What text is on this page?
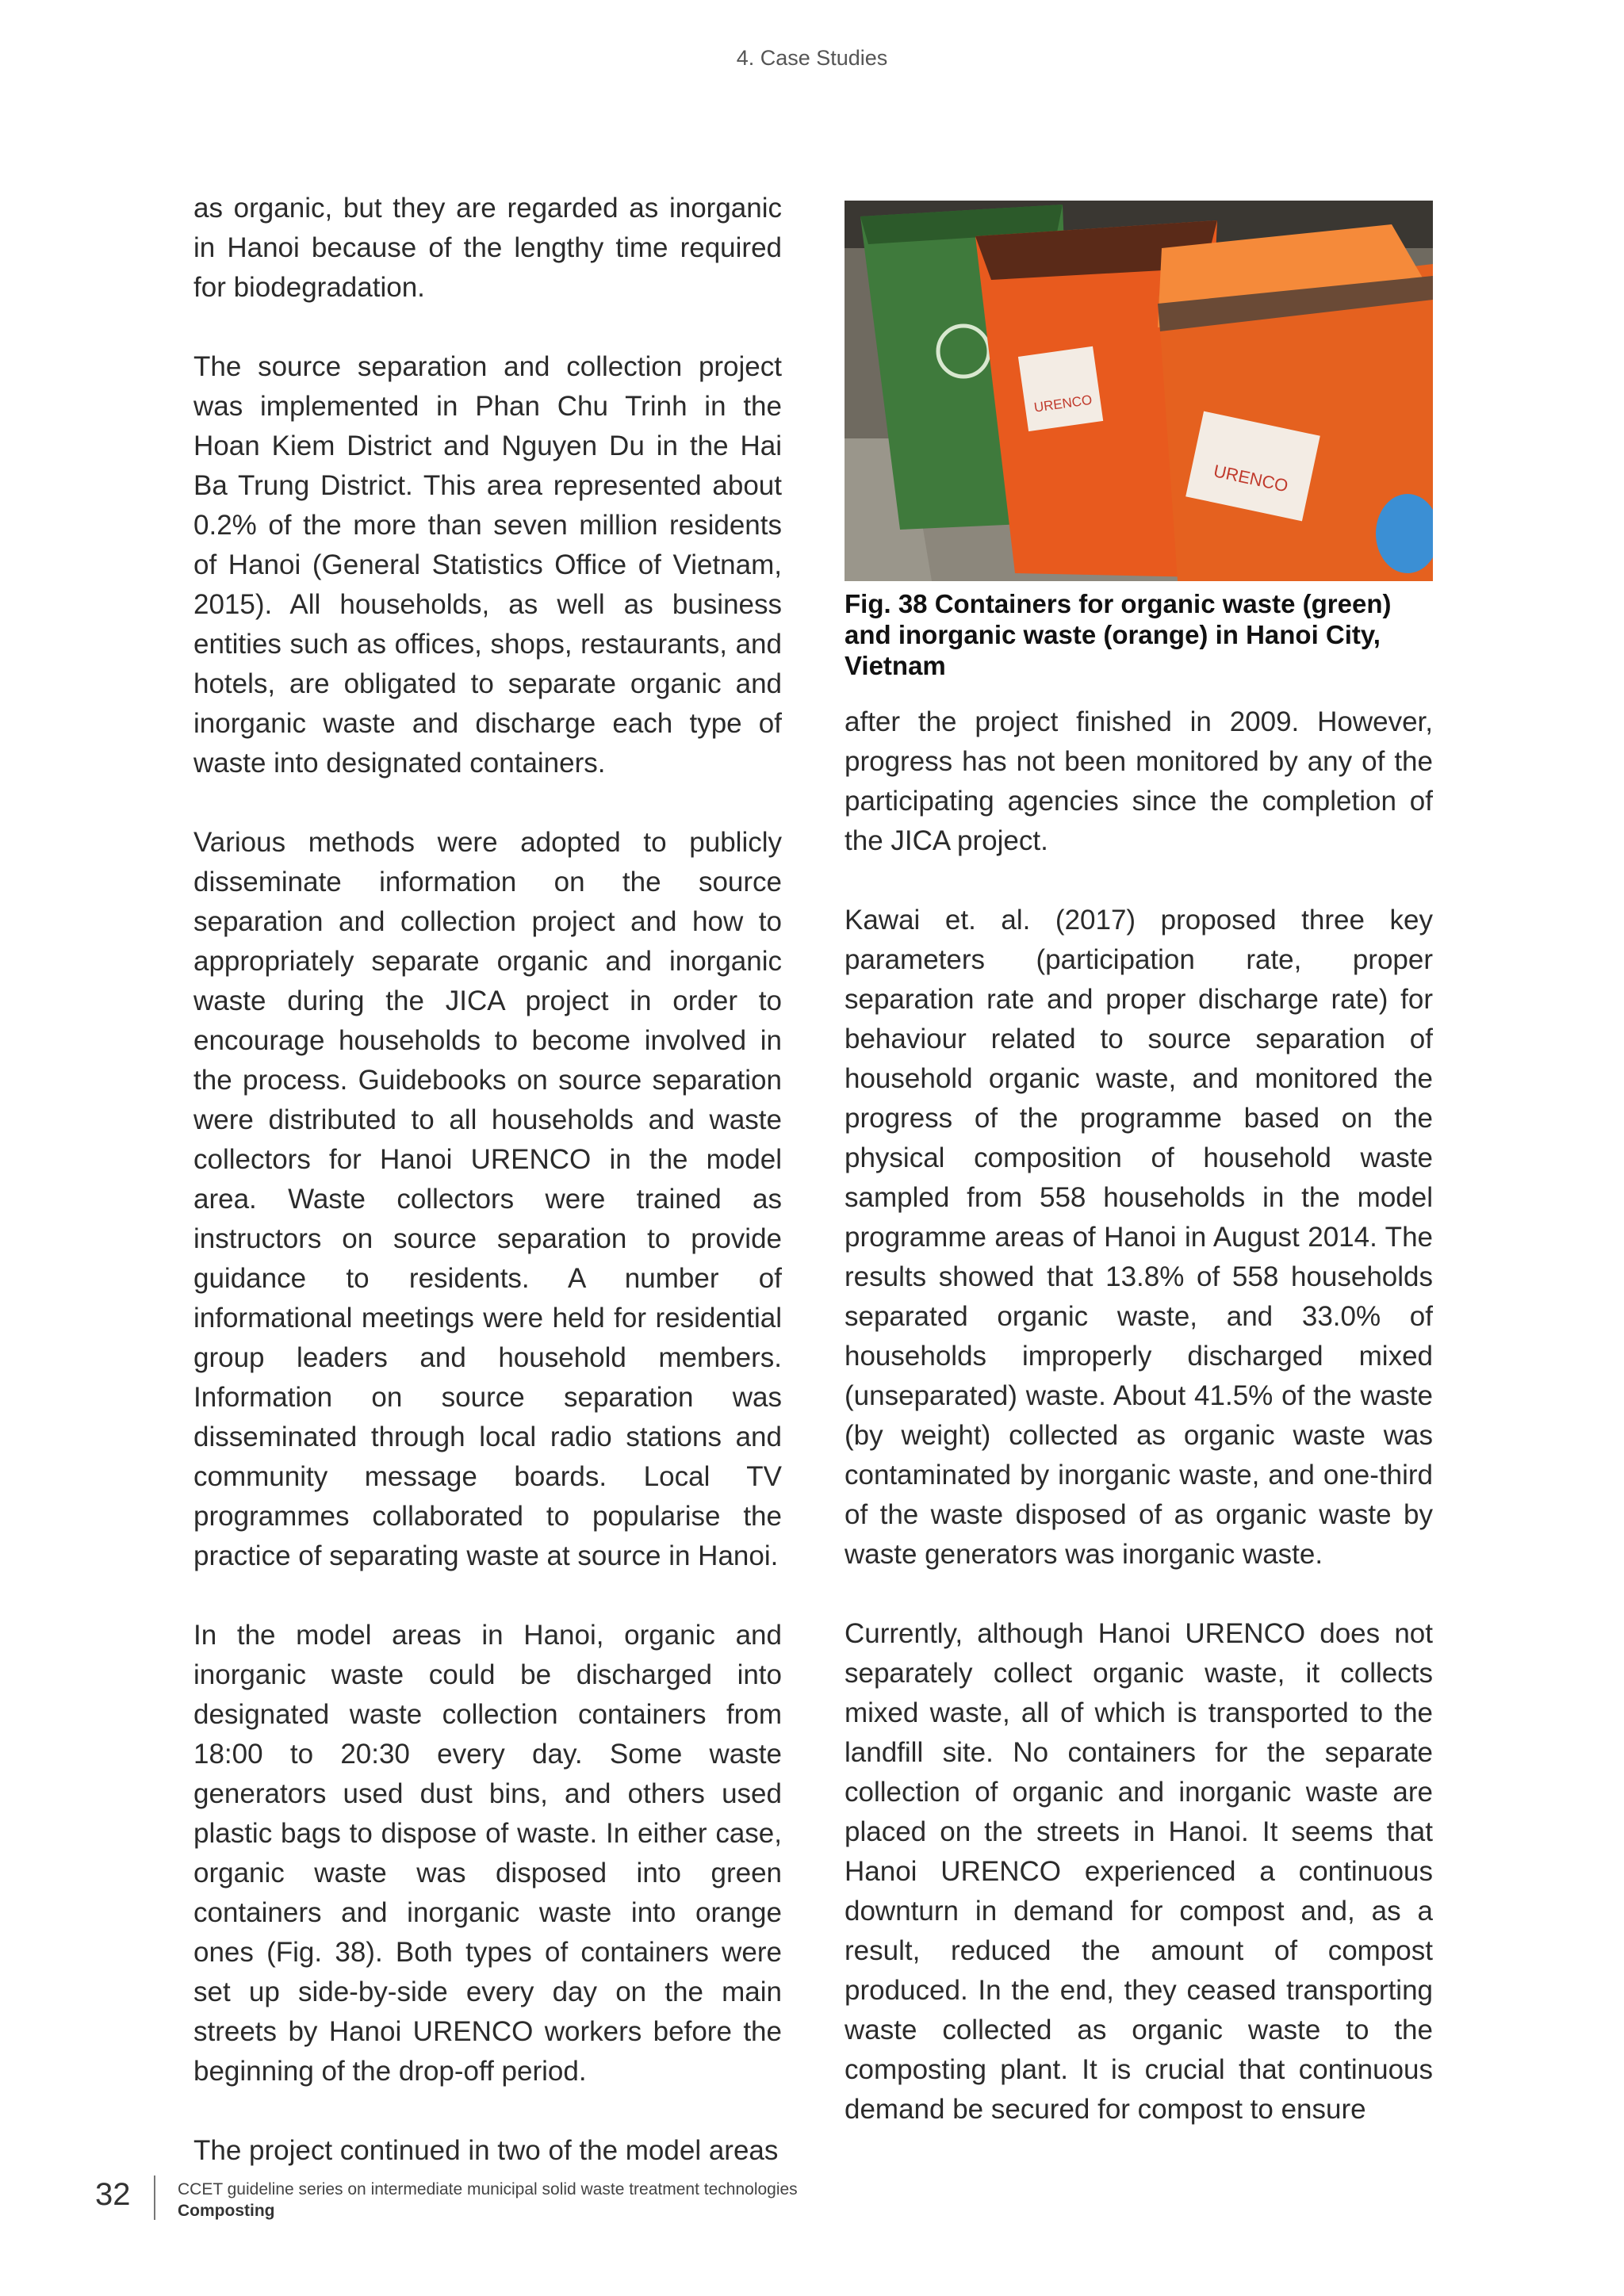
4. Case Studies

as organic, but they are regarded as inorganic in Hanoi because of the lengthy time required for biodegradation.

The source separation and collection project was implemented in Phan Chu Trinh in the Hoan Kiem District and Nguyen Du in the Hai Ba Trung District. This area represented about 0.2% of the more than seven million residents of Hanoi (General Statistics Office of Vietnam, 2015). All households, as well as business entities such as offices, shops, restaurants, and hotels, are obligated to separate organic and inorganic waste and discharge each type of waste into designated containers.

Various methods were adopted to publicly disseminate information on the source separation and collection project and how to appropriately separate organic and inorganic waste during the JICA project in order to encourage households to become involved in the process. Guidebooks on source separation were distributed to all households and waste collectors for Hanoi URENCO in the model area. Waste collectors were trained as instructors on source separation to provide guidance to residents. A number of informational meetings were held for residential group leaders and household members. Information on source separation was disseminated through local radio stations and community message boards. Local TV programmes collaborated to popularise the practice of separating waste at source in Hanoi.

In the model areas in Hanoi, organic and inorganic waste could be discharged into designated waste collection containers from 18:00 to 20:30 every day. Some waste generators used dust bins, and others used plastic bags to dispose of waste. In either case, organic waste was disposed into green containers and inorganic waste into orange ones (Fig. 38). Both types of containers were set up side-by-side every day on the main streets by Hanoi URENCO workers before the beginning of the drop-off period.

The project continued in two of the model areas

URENCO
URENCO
Fig. 38 Containers for organic waste (green) and inorganic waste (orange) in Hanoi City, Vietnam

after the project finished in 2009. However, progress has not been monitored by any of the participating agencies since the completion of the JICA project.

Kawai et. al. (2017) proposed three key parameters (participation rate, proper separation rate and proper discharge rate) for behaviour related to source separation of household organic waste, and monitored the progress of the programme based on the physical composition of household waste sampled from 558 households in the model programme areas of Hanoi in August 2014. The results showed that 13.8% of 558 households separated organic waste, and 33.0% of households improperly discharged mixed (unseparated) waste. About 41.5% of the waste (by weight) collected as organic waste was contaminated by inorganic waste, and one-third of the waste disposed of as organic waste by waste generators was inorganic waste.

Currently, although Hanoi URENCO does not separately collect organic waste, it collects mixed waste, all of which is transported to the landfill site. No containers for the separate collection of organic and inorganic waste are placed on the streets in Hanoi. It seems that Hanoi URENCO experienced a continuous downturn in demand for compost and, as a result, reduced the amount of compost produced. In the end, they ceased transporting waste collected as organic waste to the composting plant. It is crucial that continuous demand be secured for compost to ensure

32	CCET guideline series on intermediate municipal solid waste treatment technologies
Composting
